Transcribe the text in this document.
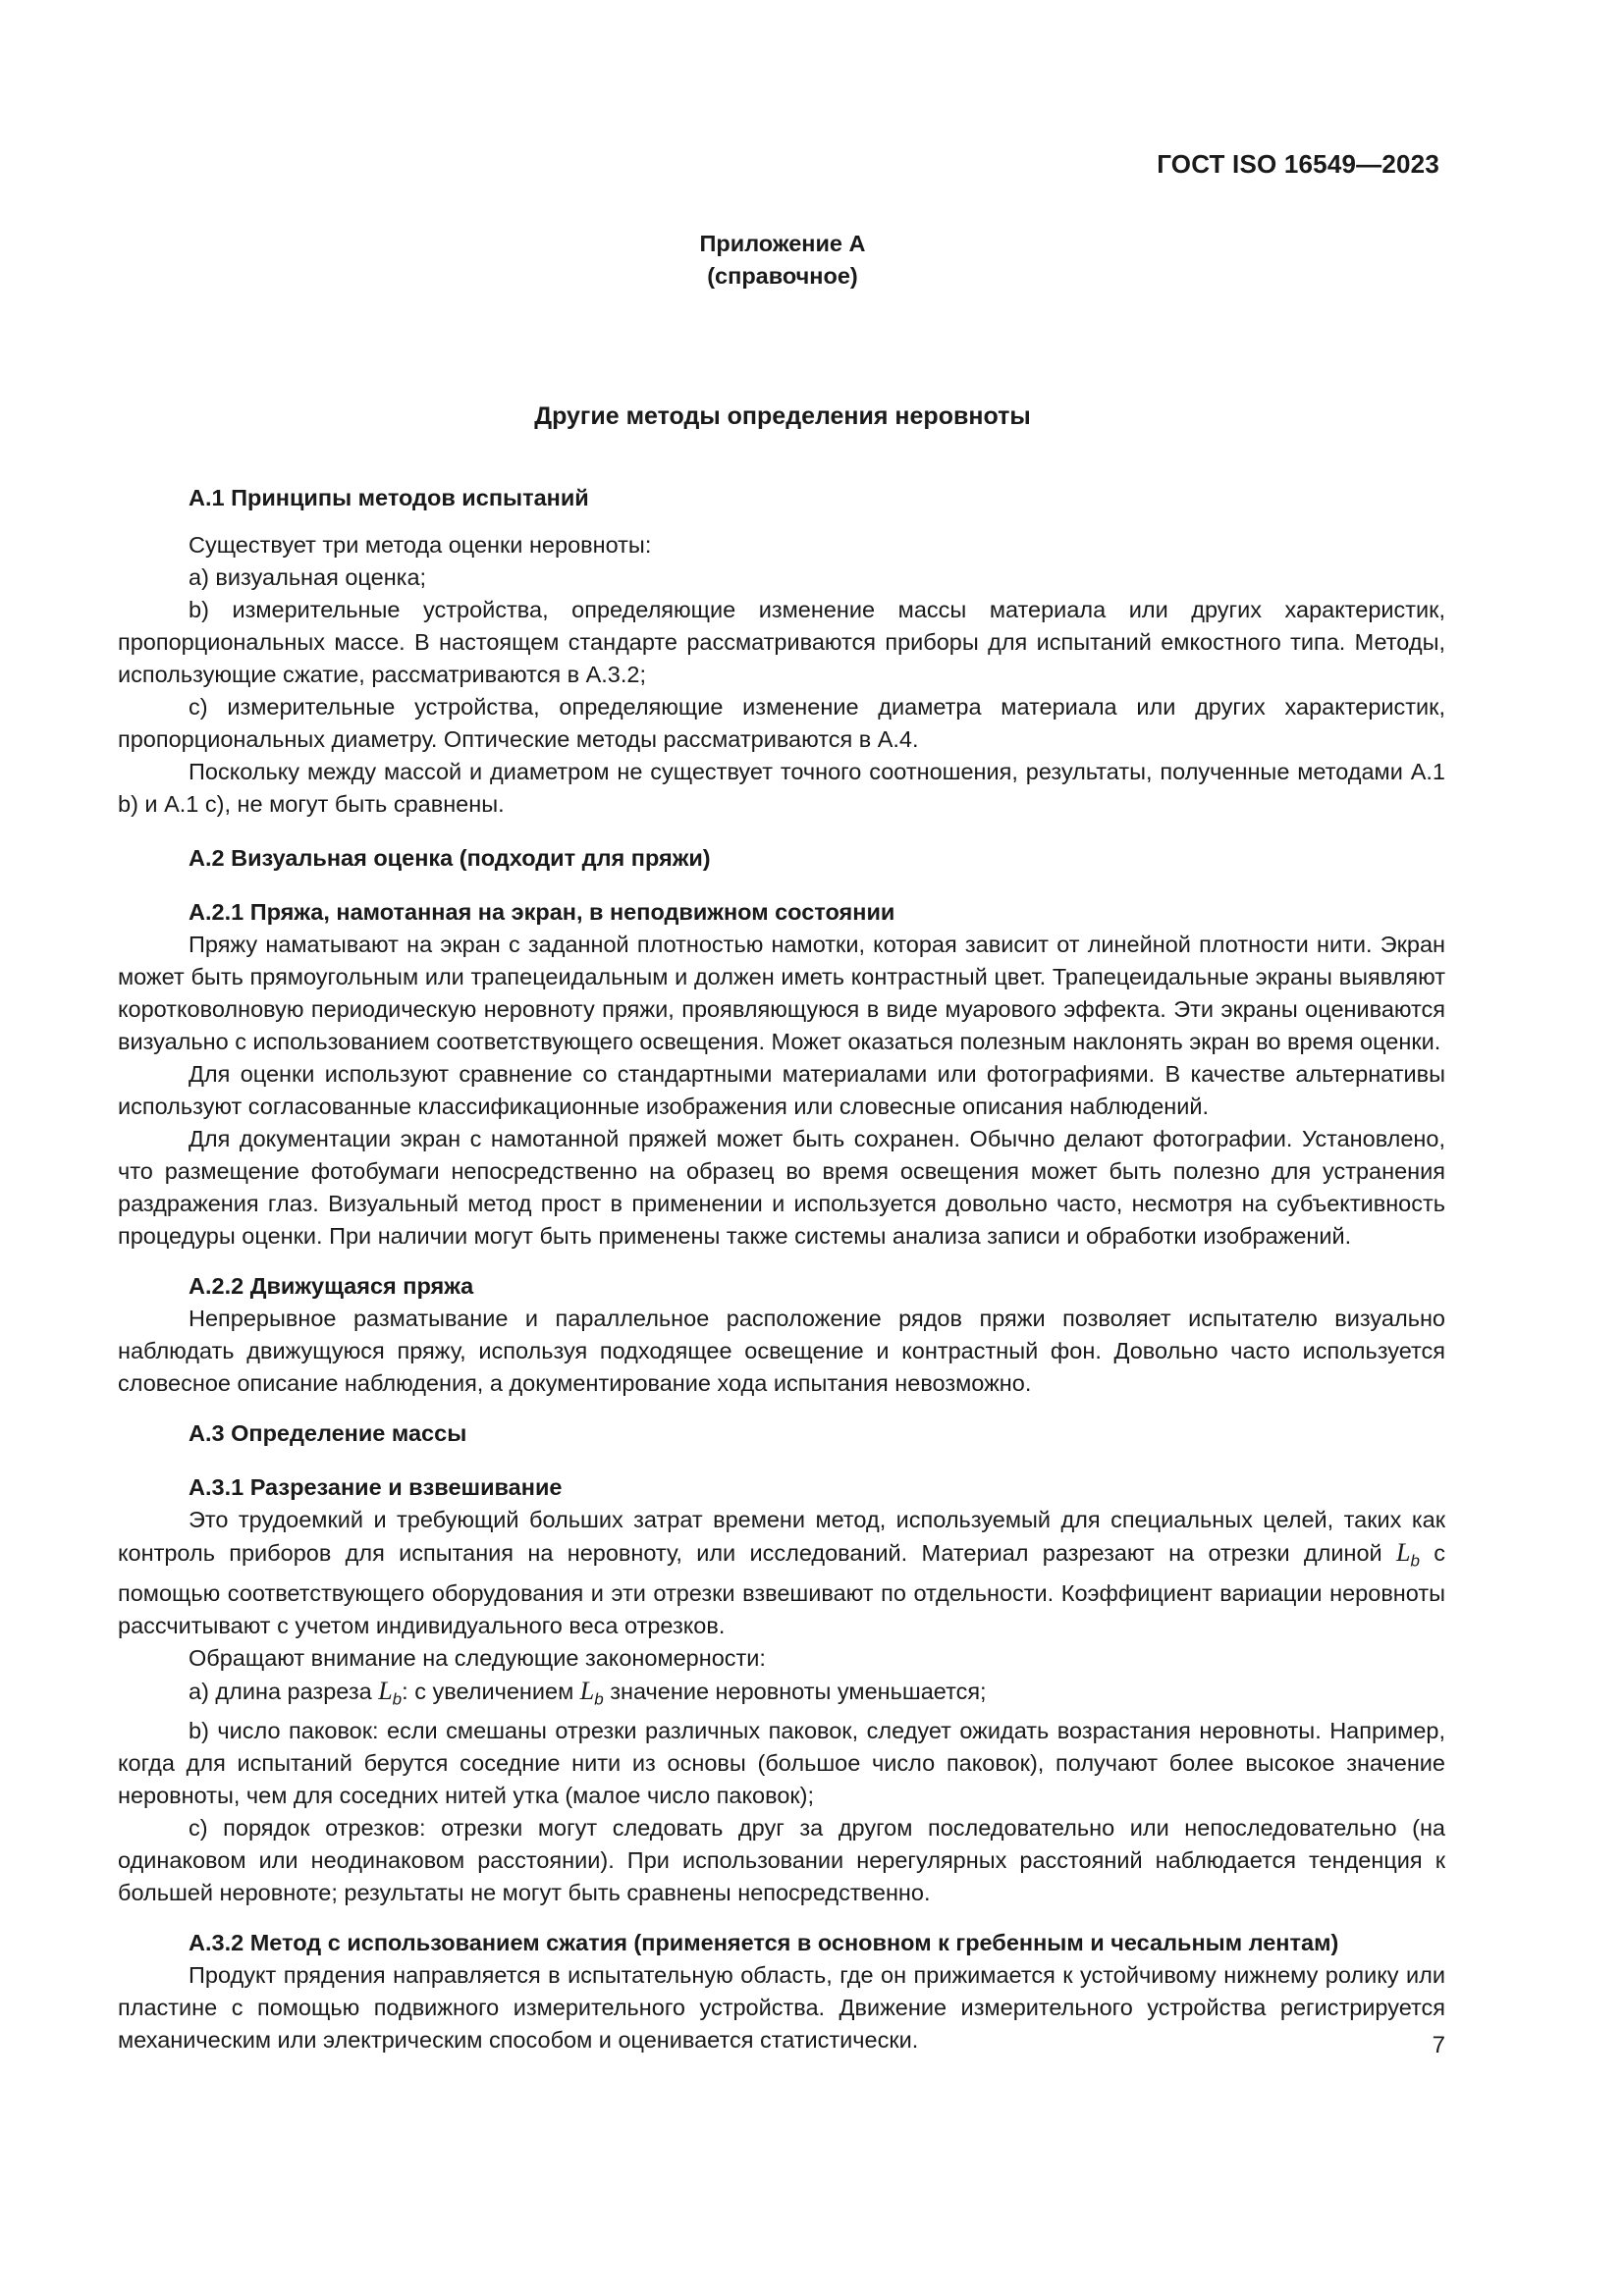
ГОСТ ISO 16549—2023
Приложение А
(справочное)
Другие методы определения неровноты
А.1 Принципы методов испытаний

Существует три метода оценки неровноты:

а) визуальная оценка;

b) измерительные устройства, определяющие изменение массы материала или других характеристик, пропорциональных массе. В настоящем стандарте рассматриваются приборы для испытаний емкостного типа. Методы, использующие сжатие, рассматриваются в А.3.2;

c) измерительные устройства, определяющие изменение диаметра материала или других характеристик, пропорциональных диаметру. Оптические методы рассматриваются в А.4.

Поскольку между массой и диаметром не существует точного соотношения, результаты, полученные методами А.1 b) и А.1 c), не могут быть сравнены.

А.2 Визуальная оценка (подходит для пряжи)
А.2.1 Пряжа, намотанная на экран, в неподвижном состоянии

Пряжу наматывают на экран с заданной плотностью намотки, которая зависит от линейной плотности нити. Экран может быть прямоугольным или трапецеидальным и должен иметь контрастный цвет. Трапецеидальные экраны выявляют коротковолновую периодическую неровноту пряжи, проявляющуюся в виде муарового эффекта. Эти экраны оцениваются визуально с использованием соответствующего освещения. Может оказаться полезным наклонять экран во время оценки.

Для оценки используют сравнение со стандартными материалами или фотографиями. В качестве альтернативы используют согласованные классификационные изображения или словесные описания наблюдений.

Для документации экран с намотанной пряжей может быть сохранен. Обычно делают фотографии. Установлено, что размещение фотобумаги непосредственно на образец во время освещения может быть полезно для устранения раздражения глаз. Визуальный метод прост в применении и используется довольно часто, несмотря на субъективность процедуры оценки. При наличии могут быть применены также системы анализа записи и обработки изображений.

А.2.2 Движущаяся пряжа

Непрерывное разматывание и параллельное расположение рядов пряжи позволяет испытателю визуально наблюдать движущуюся пряжу, используя подходящее освещение и контрастный фон. Довольно часто используется словесное описание наблюдения, а документирование хода испытания невозможно.

А.3 Определение массы
А.3.1 Разрезание и взвешивание

Это трудоемкий и требующий больших затрат времени метод, используемый для специальных целей, таких как контроль приборов для испытания на неровноту, или исследований. Материал разрезают на отрезки длиной $L_b$ с помощью соответствующего оборудования и эти отрезки взвешивают по отдельности. Коэффициент вариации неровноты рассчитывают с учетом индивидуального веса отрезков.

Обращают внимание на следующие закономерности:

а) длина разреза $L_b$: с увеличением $L_b$ значение неровноты уменьшается;

b) число паковок: если смешаны отрезки различных паковок, следует ожидать возрастания неровноты. Например, когда для испытаний берутся соседние нити из основы (большое число паковок), получают более высокое значение неровноты, чем для соседних нитей утка (малое число паковок);

c) порядок отрезков: отрезки могут следовать друг за другом последовательно или непоследовательно (на одинаковом или неодинаковом расстоянии). При использовании нерегулярных расстояний наблюдается тенденция к большей неровноте; результаты не могут быть сравнены непосредственно.

А.3.2 Метод с использованием сжатия (применяется в основном к гребенным и чесальным лентам)

Продукт прядения направляется в испытательную область, где он прижимается к устойчивому нижнему ролику или пластине с помощью подвижного измерительного устройства. Движение измерительного устройства регистрируется механическим или электрическим способом и оценивается статистически.	7
